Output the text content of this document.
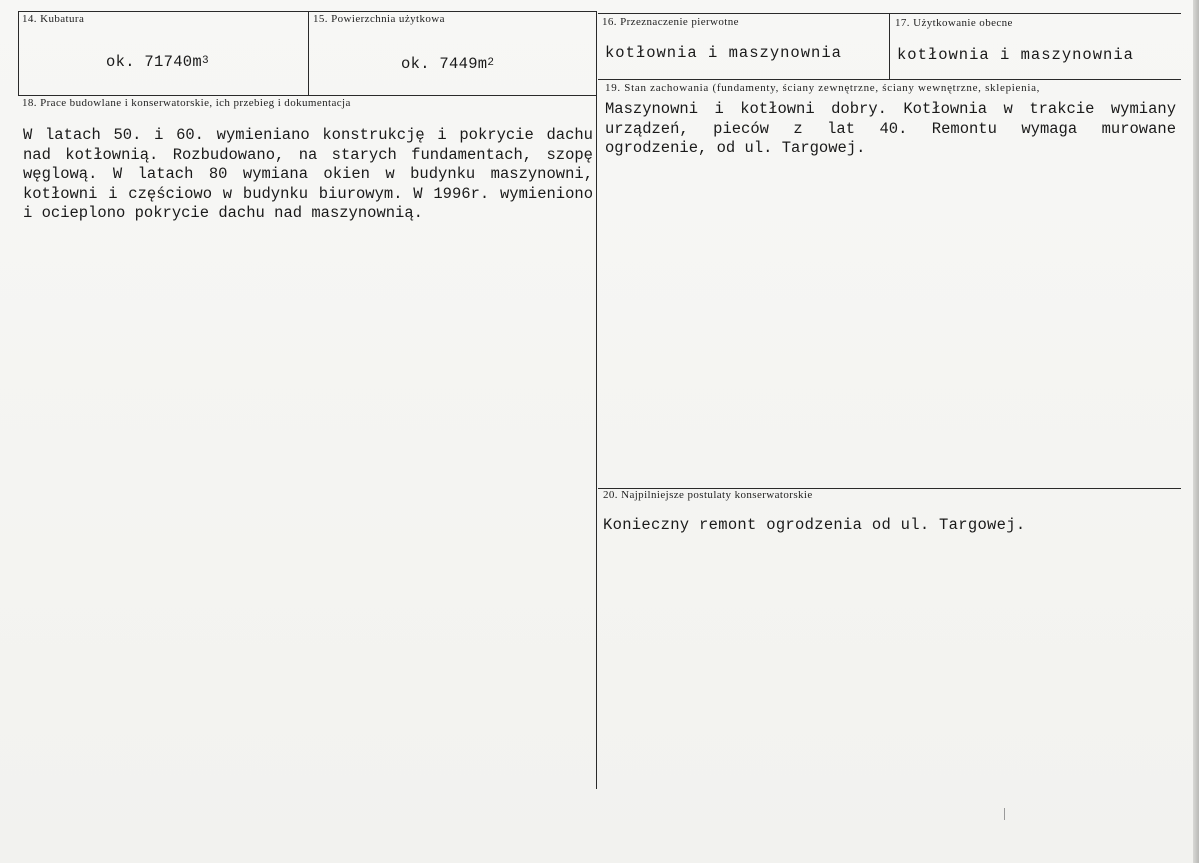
14. Kubatura
ok. $71740m^3$
15. Powierzchnia użytkowa
ok. $7449m^2$
16. Przeznaczenie pierwotne
kotłownia i maszynownia
17. Użytkowanie obecne
kotłownia i maszynownia
18. Prace budowlane i konserwatorskie, ich przebieg i dokumentacja
W latach 50. i 60. wymieniano konstrukcję i pokrycie dachu nad kotłownią. Rozbudowano, na starych fundamentach, szopę węglową. W latach 80 wymiana okien w budynku maszynowni, kotłowni i częściowo w budynku biurowym. W 1996r. wymieniono i ocieplono pokrycie dachu nad maszynownią.
19. Stan zachowania (fundamenty, ściany zewnętrzne, ściany wewnętrzne, sklepienia,
Maszynowni i kotłowni dobry. Kotłownia w trakcie wymiany urządzeń, pieców z lat 40. Remontu wymaga murowane ogrodzenie, od ul. Targowej.
20. Najpilniejsze postulaty konserwatorskie
Konieczny remont ogrodzenia od ul. Targowej.
